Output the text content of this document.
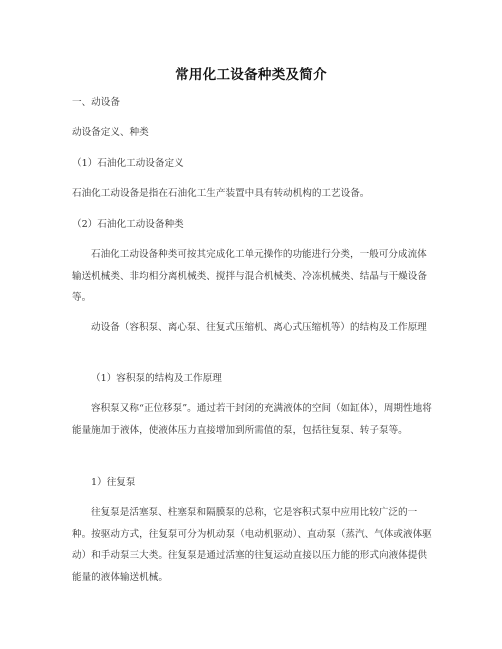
常用化工设备种类及简介
一、动设备
动设备定义、种类
（1）石油化工动设备定义
石油化工动设备是指在石油化工生产装置中具有转动机构的工艺设备。
（2）石油化工动设备种类
石油化工动设备种类可按其完成化工单元操作的功能进行分类，一般可分成流体输送机械类、非均相分离机械类、搅拌与混合机械类、冷冻机械类、结晶与干燥设备等。
动设备（容积泵、离心泵、往复式压缩机、离心式压缩机等）的结构及工作原理
（1）容积泵的结构及工作原理
容积泵又称“正位移泵”。通过若干封闭的充满液体的空间（如缸体），周期性地将能量施加于液体，使液体压力直接增加到所需值的泵，包括往复泵、转子泵等。
1）往复泵
往复泵是活塞泵、柱塞泵和隔膜泵的总称，它是容积式泵中应用比较广泛的一种。按驱动方式，往复泵可分为机动泵（电动机驱动）、直动泵（蒸汽、气体或液体驱动）和手动泵三大类。往复泵是通过活塞的往复运动直接以压力能的形式向液体提供能量的液体输送机械。
